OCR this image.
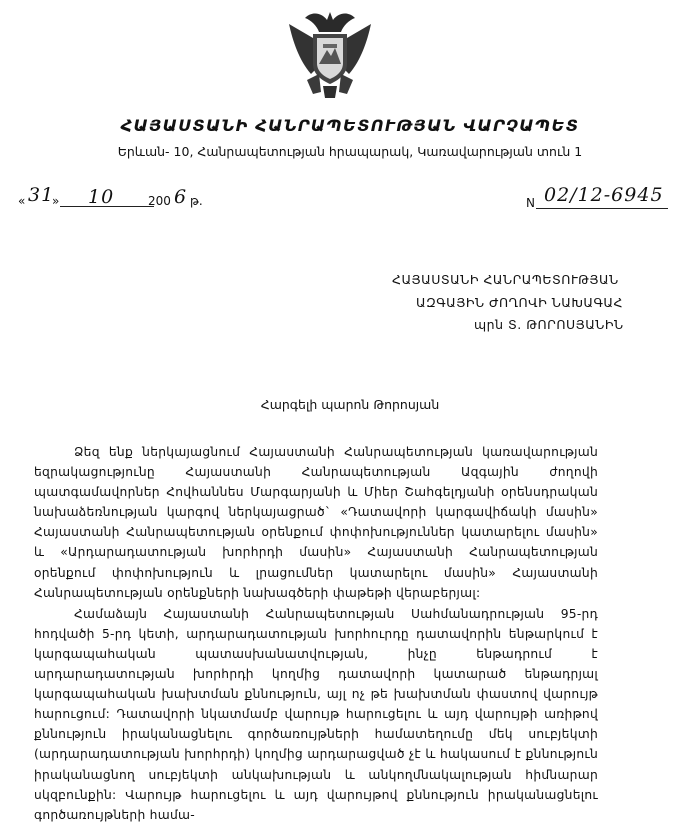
ՀԱՅԱՍՏԱՆԻ ՀԱՆՐԱՊԵՏՈՒԹՅԱՆ ՎԱՐՉԱՊԵՏ
Երևան- 10, Հանրապետության հրապարակ, Կառավարության տուն 1
« 31
» 10	200 6 թ.	N 02/12-6945
ՀԱՅԱՍՏԱՆԻ ՀԱՆՐԱՊԵՏՈՒԹՅԱՆ
ԱԶԳԱՅԻՆ ԺՈՂՈՎԻ ՆԱԽԱԳԱՀ
պրն Տ. ԹՈՐՈՍՅԱՆԻՆ
Հարգելի պարոն Թորոսյան

Ձեզ ենք ներկայացնում Հայաստանի Հանրապետության կառավարության եզրակացությունը Հայաստանի Հանրապետության Ազգային ժողովի պատգամավորներ Հովհաննես Մարգարյանի և Միեր Շահգելդյանի օրենսդրական նախաձեռնության կարգով ներկայացրած` «Դատավորի կարգավիճակի մասին» Հայաստանի Հանրապետության օրենքում փոփոխություններ կատարելու մասին» և «Արդարադատության խորհրդի մասին» Հայաստանի Հանրապետության օրենքում փոփոխություն և լրացումներ կատարելու մասին» Հայաստանի Հանրապետության օրենքների նախագծերի փաթեթի վերաբերյալ:

Համաձայն Հայաստանի Հանրապետության Սահմանադրության 95-րդ հոդվածի 5-րդ կետի, արդարադատության խորհուրդը դատավորին ենթարկում է կարգապահական պատասխանատվության, ինչը ենթադրում է արդարադատության խորհրդի կողմից դատավորի կատարած ենթադրյալ կարգապահական խախտման քննություն, այլ ոչ թե խախտման փաստով վարույթ հարուցում: Դատավորի նկատմամբ վարույթ հարուցելու և այդ վարույթի առիթով քննություն իրականացնելու գործառույթների համատեղումը մեկ սուբյեկտի (արդարադատության խորհրդի) կողմից արդարացված չէ և հակասում է քննություն իրականացնող սուբյեկտի անկախության և անկողմնակալության հիմնարար սկզբունքին: Վարույթ հարուցելու և այդ վարույթով քննություն իրականացնելու գործառույթների համա-
